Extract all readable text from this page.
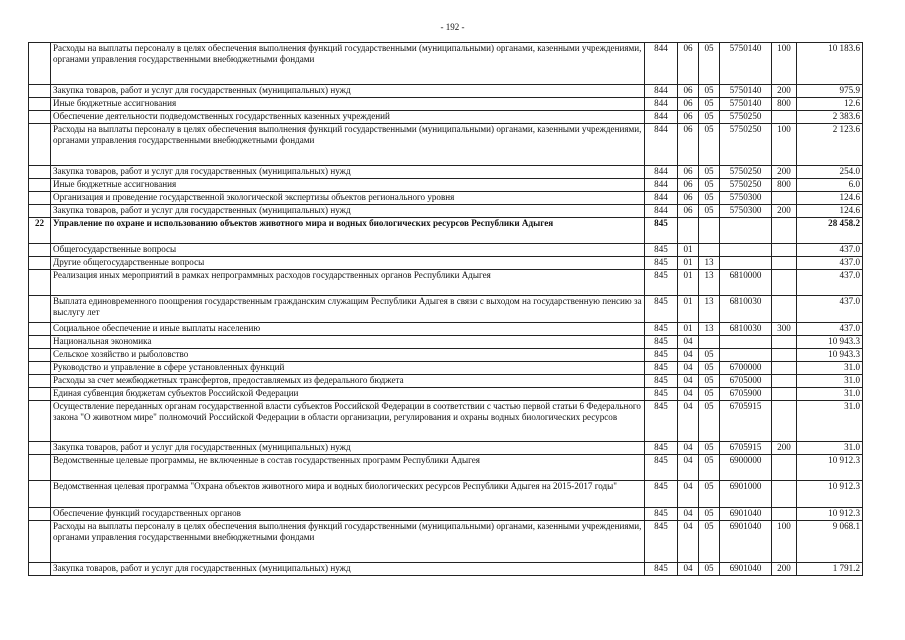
- 192 -
	Расходы на выплаты персоналу в целях обеспечения выполнения функций государственными (муниципальными) органами, казенными учреждениями, органами управления государственными внебюджетными фондами	844	06	05	5750140	100	10 183.6
	Закупка товаров, работ и услуг для государственных (муниципальных) нужд	844	06	05	5750140	200	975.9
	Иные бюджетные ассигнования	844	06	05	5750140	800	12.6
	Обеспечение деятельности подведомственных государственных казенных учреждений	844	06	05	5750250		2 383.6
	Расходы на выплаты персоналу в целях обеспечения выполнения функций государственными (муниципальными) органами, казенными учреждениями, органами управления государственными внебюджетными фондами	844	06	05	5750250	100	2 123.6
	Закупка товаров, работ и услуг для государственных (муниципальных) нужд	844	06	05	5750250	200	254.0
	Иные бюджетные ассигнования	844	06	05	5750250	800	6.0
	Организация и проведение государственной экологической экспертизы объектов регионального уровня	844	06	05	5750300		124.6
	Закупка товаров, работ и услуг для государственных (муниципальных) нужд	844	06	05	5750300	200	124.6
22	Управление по охране и использованию объектов животного мира и водных биологических ресурсов Республики Адыгея	845					28 458.2
	Общегосударственные вопросы	845	01				437.0
	Другие общегосударственные вопросы	845	01	13			437.0
	Реализация иных мероприятий в рамках непрограммных расходов государственных органов Республики Адыгея	845	01	13	6810000		437.0
	Выплата единовременного поощрения государственным гражданским служащим Республики Адыгея в связи с выходом на государственную пенсию за выслугу лет	845	01	13	6810030		437.0
	Социальное обеспечение и иные выплаты населению	845	01	13	6810030	300	437.0
	Национальная экономика	845	04				10 943.3
	Сельское хозяйство и рыболовство	845	04	05			10 943.3
	Руководство и управление в сфере установленных функций	845	04	05	6700000		31.0
	Расходы за счет межбюджетных трансфертов, предоставляемых из федерального бюджета	845	04	05	6705000		31.0
	Единая субвенция бюджетам субъектов Российской Федерации	845	04	05	6705900		31.0
	Осуществление переданных органам государственной власти субъектов Российской Федерации в соответствии с частью первой статьи 6 Федерального закона "О животном мире" полномочий Российской Федерации в области организации, регулирования и охраны водных биологических ресурсов	845	04	05	6705915		31.0
	Закупка товаров, работ и услуг для государственных (муниципальных) нужд	845	04	05	6705915	200	31.0
	Ведомственные целевые программы, не включенные в состав государственных программ Республики Адыгея	845	04	05	6900000		10 912.3
	Ведомственная целевая программа "Охрана объектов животного мира и водных биологических ресурсов Республики Адыгея на 2015-2017 годы"	845	04	05	6901000		10 912.3
	Обеспечение функций государственных органов	845	04	05	6901040		10 912.3
	Расходы на выплаты персоналу в целях обеспечения выполнения функций государственными (муниципальными) органами, казенными учреждениями, органами управления государственными внебюджетными фондами	845	04	05	6901040	100	9 068.1
	Закупка товаров, работ и услуг для государственных (муниципальных) нужд	845	04	05	6901040	200	1 791.2
